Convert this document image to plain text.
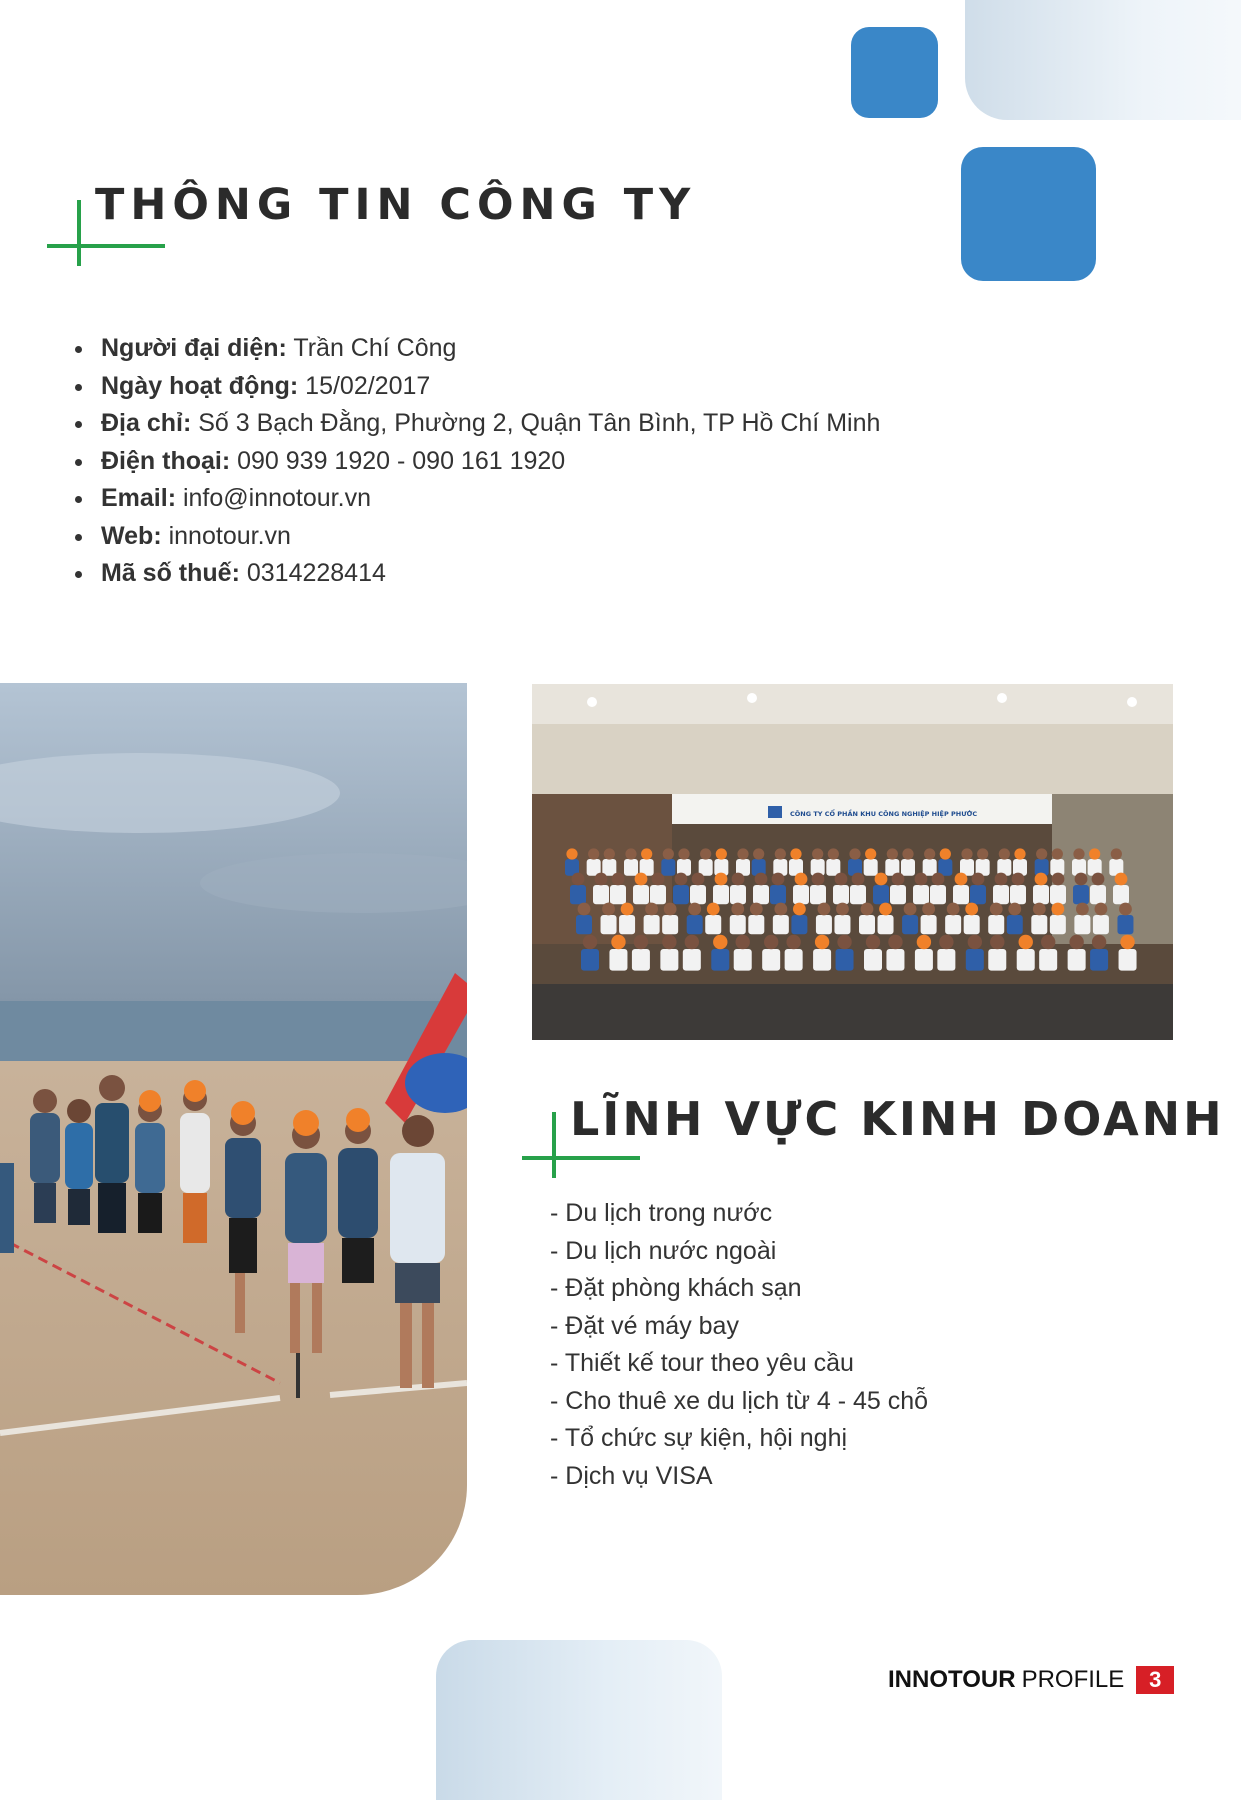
THÔNG TIN CÔNG TY
Người đại diện: Trần Chí Công
Ngày hoạt động: 15/02/2017
Địa chỉ: Số 3 Bạch Đằng, Phường 2, Quận Tân Bình, TP Hồ Chí Minh
Điện thoại: 090 939 1920 - 090 161 1920
Email: info@innotour.vn
Web: innotour.vn
Mã số thuế: 0314228414
CÔNG TY CỔ PHẦN KHU CÔNG NGHIỆP HIỆP PHƯỚC
LĨNH VỰC KINH DOANH
- Du lịch trong nước
- Du lịch nước ngoài
- Đặt phòng khách sạn
- Đặt vé máy bay
- Thiết kế tour theo yêu cầu
- Cho thuê xe du lịch từ 4 - 45 chỗ
- Tổ chức sự kiện, hội nghị
- Dịch vụ VISA
INNOTOUR PROFILE	3
